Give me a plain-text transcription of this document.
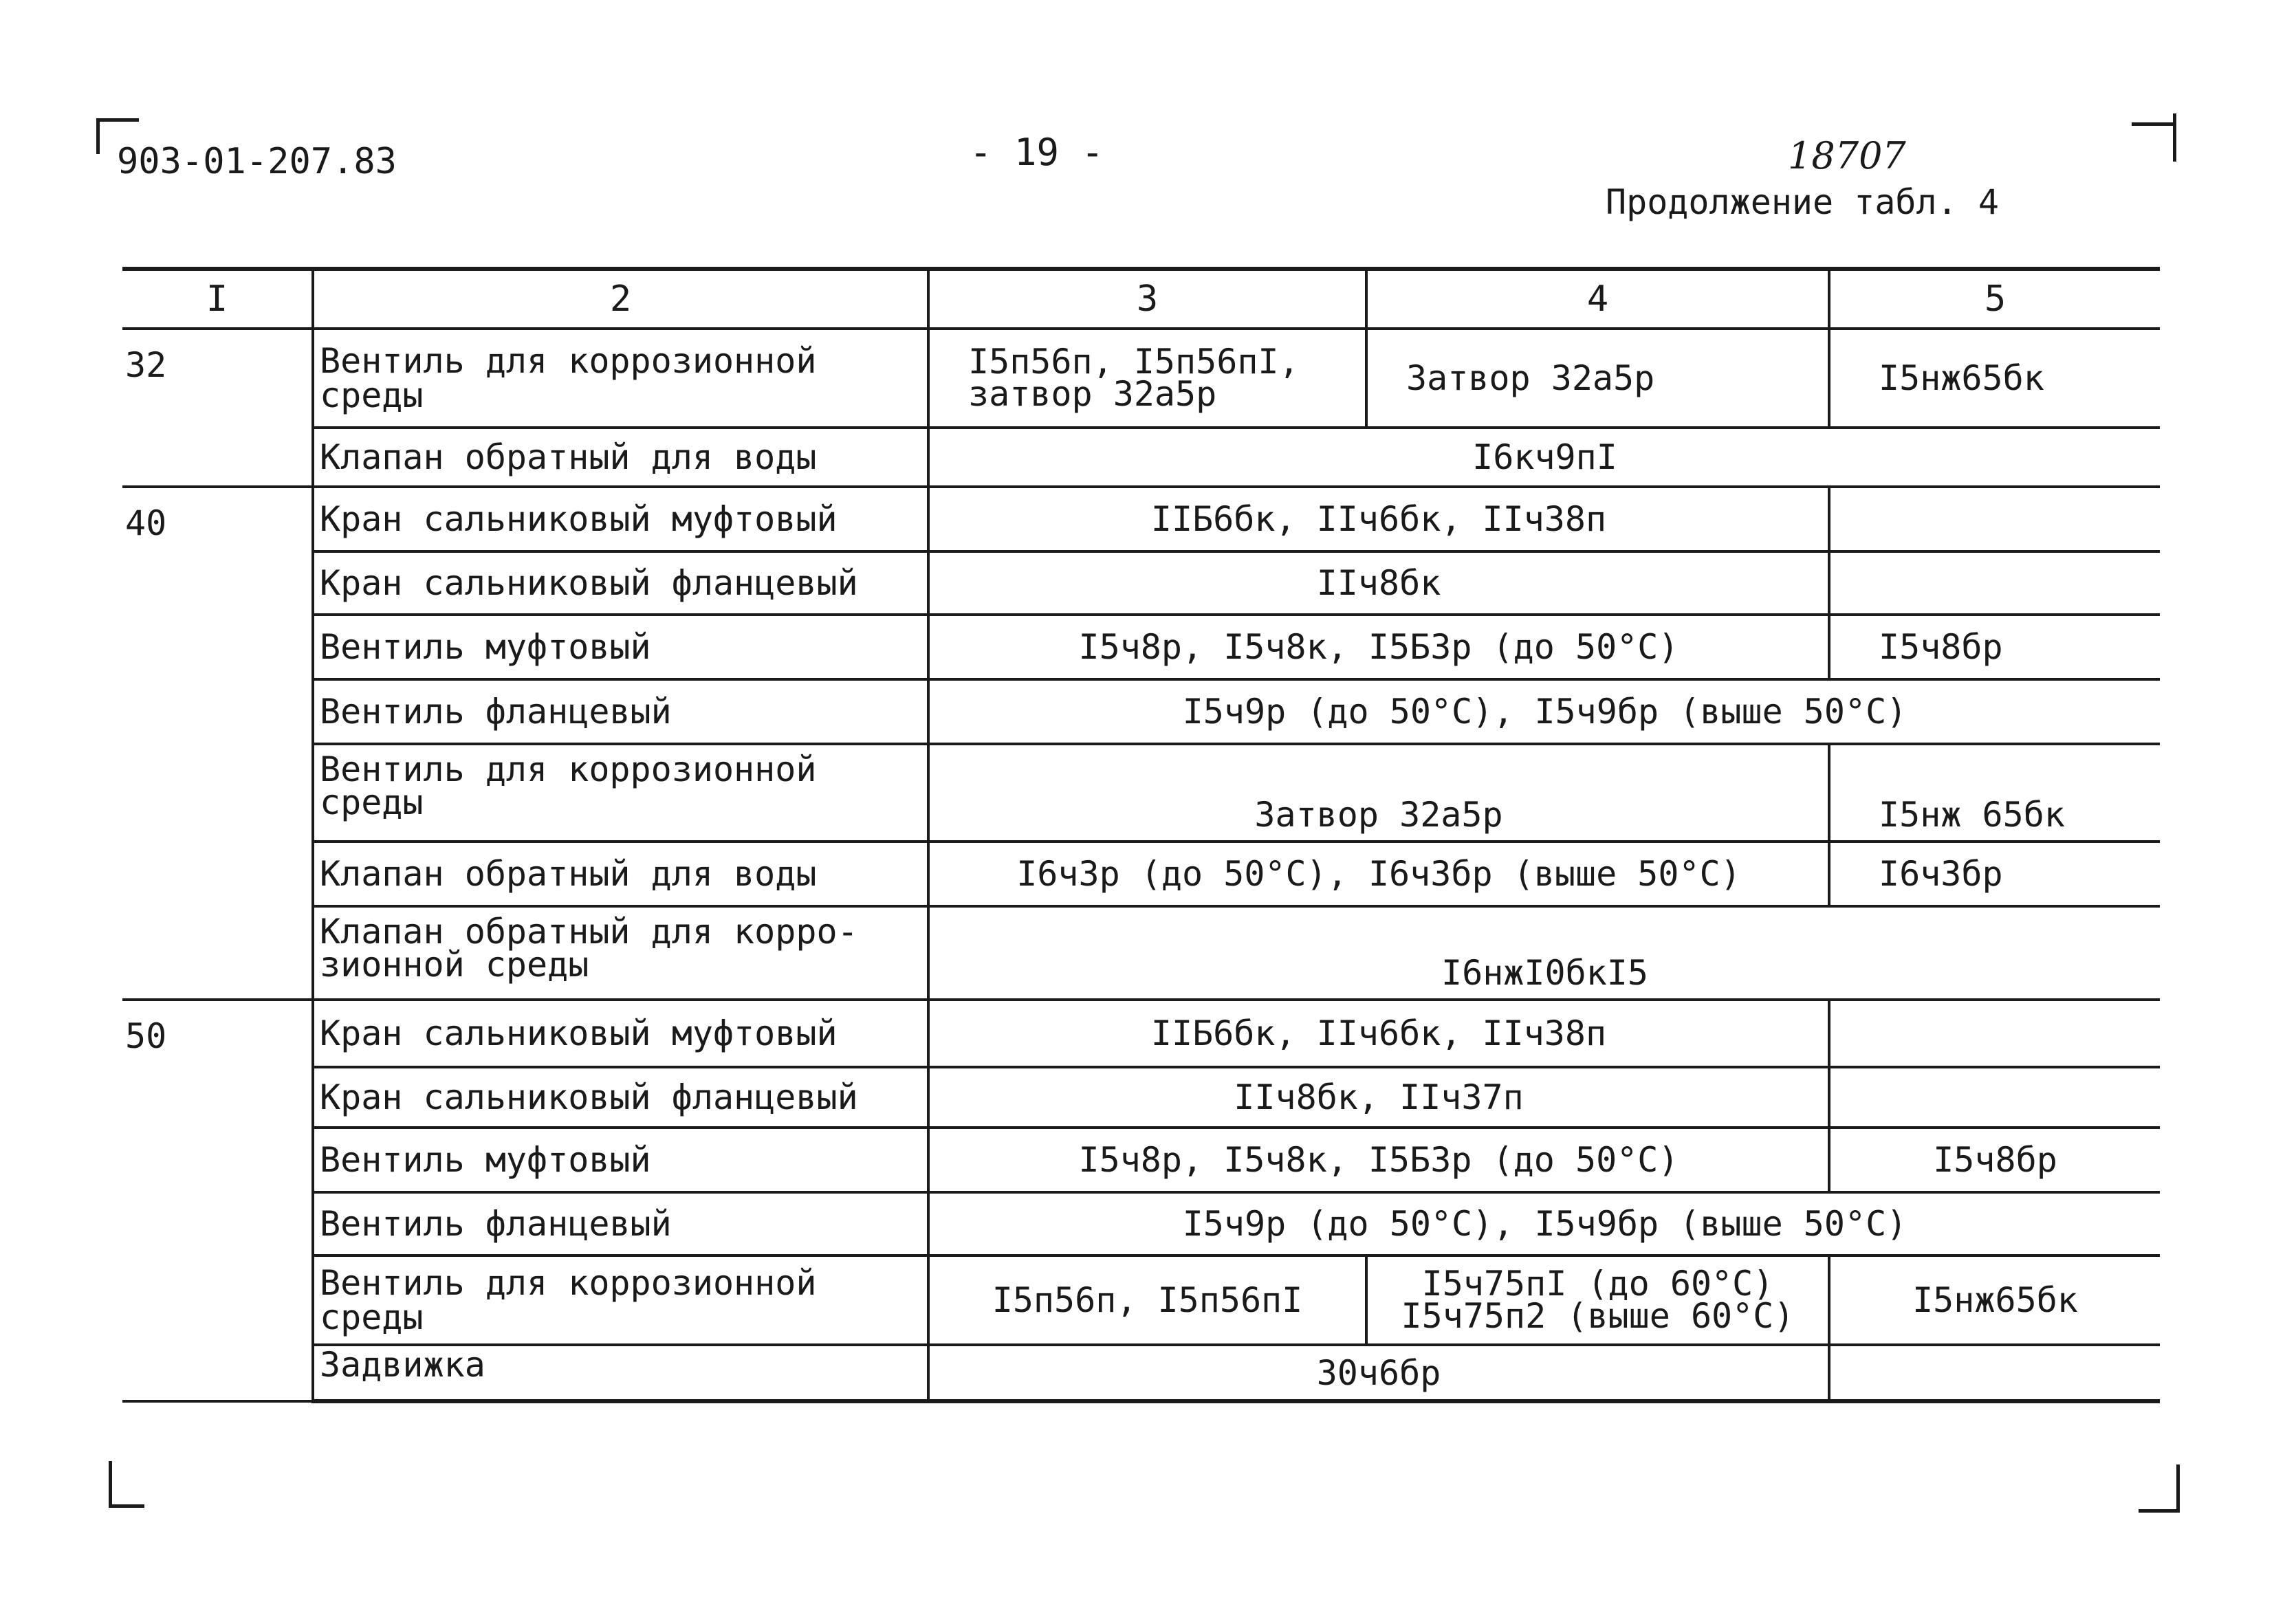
903-01-207.83	- 19 -	18707
Продолжение табл. 4
I	2	3	4	5
32	Вентиль для коррозионной среды	I5п56п, I5п56пI, затвор 32а5р	Затвор 32а5р	I5нж65бк
	Клапан обратный для воды	I6кч9пI		
40	Кран сальниковый муфтовый	IIБ6бк, IIч6бк, IIч38п		
	Кран сальниковый фланцевый	IIч8бк		
	Вентиль муфтовый	I5ч8р, I5ч8к, I5Б3р (до 50°С)		I5ч8бр
	Вентиль фланцевый	I5ч9р (до 50°С), I5ч9бр (выше 50°С)		
	Вентиль для коррозионной среды	Затвор 32а5р		I5нж 65бк
	Клапан обратный для воды	I6ч3р (до 50°С), I6ч3бр (выше 50°С)		I6ч3бр
	Клапан обратный для корро- зионной среды	I6нжI0бкI5		
50	Кран сальниковый муфтовый	IIБ6бк, IIч6бк, IIч38п		
	Кран сальниковый фланцевый	IIч8бк, IIч37п		
	Вентиль муфтовый	I5ч8р, I5ч8к, I5Б3р (до 50°С)		I5ч8бр
	Вентиль фланцевый	I5ч9р (до 50°С), I5ч9бр (выше 50°С)		
	Вентиль для коррозионной среды	I5п56п, I5п56пI	I5ч75пI (до 60°С) I5ч75п2 (выше 60°С)	I5нж65бк
	Задвижка	30ч6бр		
